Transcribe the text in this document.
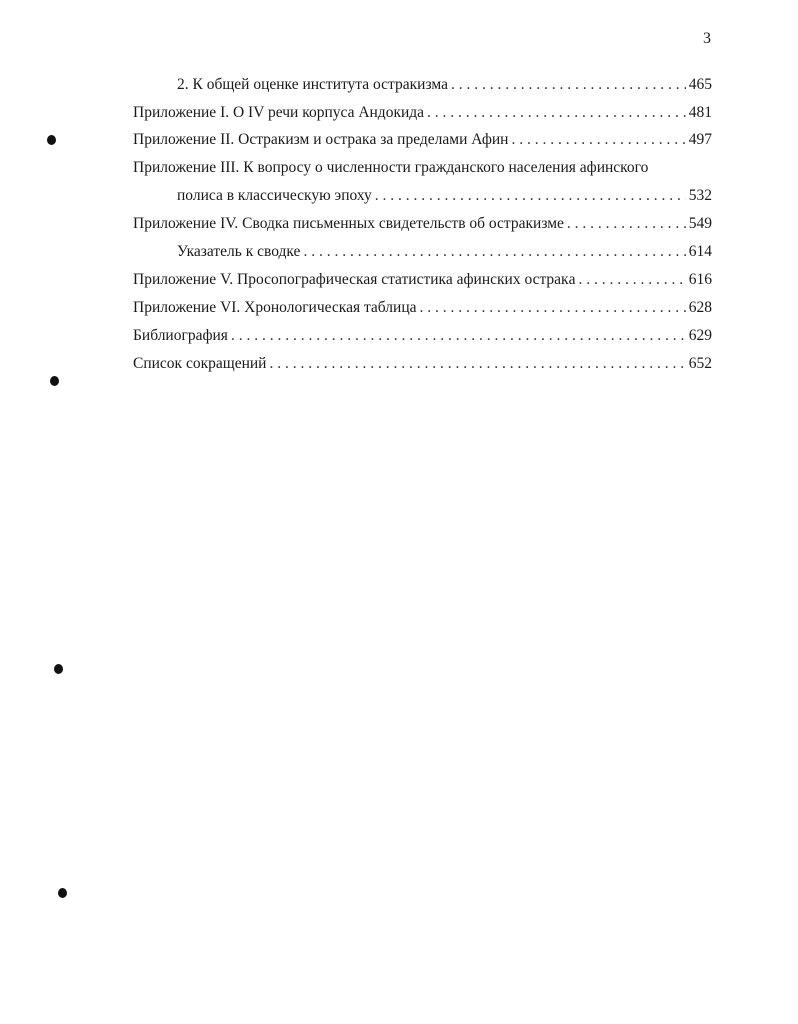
3
2. К общей оценке института остракизма . . .	465
Приложение I. О IV речи корпуса Андокида . . .	481
Приложение II. Остракизм и остракa за пределами Афин . . .	497
Приложение III. К вопросу о численности гражданского населения афинского
полиса в классическую эпоху . . .	532
Приложение IV. Сводка письменных свидетельств об остракизме . . .	549
Указатель к сводке . . .	614
Приложение V. Просопографическая статистика афинских остракa . . .	616
Приложение VI. Хронологическая таблица . . .	628
Библиография . . .	629
Список сокращений . . .	652
